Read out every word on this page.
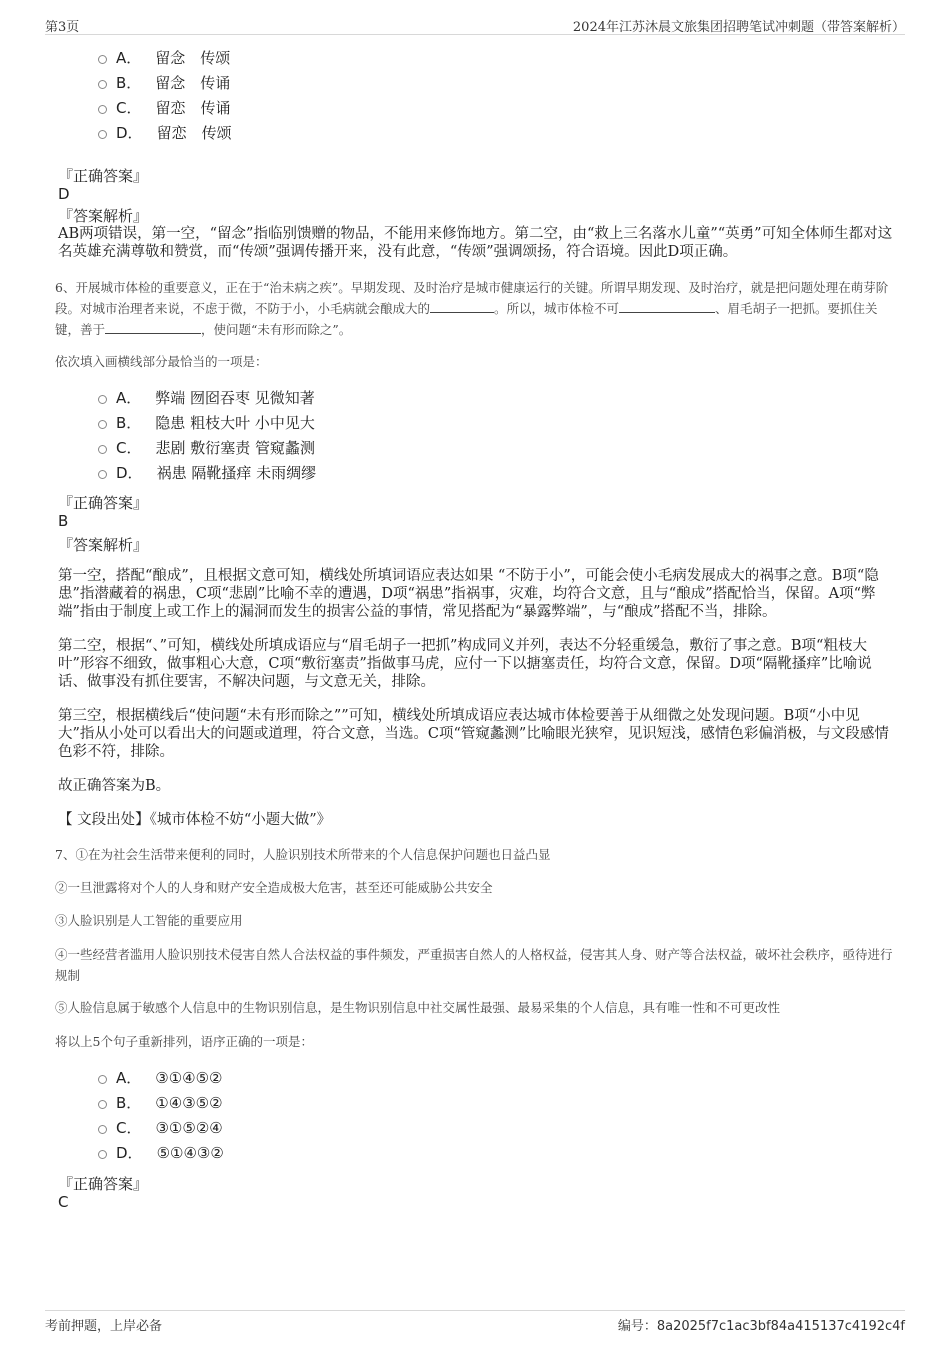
第3页	2024年江苏沐晨文旅集团招聘笔试冲刺题（带答案解析）
A． 留念　传颂
B． 留念　传诵
C． 留恋　传诵
D． 留恋　传颂
『正确答案』
D
『答案解析』
AB两项错误，第一空，“留念”指临别馈赠的物品，不能用来修饰地方。第二空，由“救上三名落水儿童”“英勇”可知全体师生都对这名英雄充满尊敬和赞赏，而“传颂”强调传播开来，没有此意，“传颂”强调颂扬，符合语境。因此D项正确。
6、开展城市体检的重要意义，正在于“治未病之疾”。早期发现、及时治疗是城市健康运行的关键。所谓早期发现、及时治疗，就是把问题处理在萌芽阶段。对城市治理者来说，不虑于微，不防于小，小毛病就会酿成大的	。所以，城市体检不可	、眉毛胡子一把抓。要抓住关键，善于	，使问题“未有形而除之”。
依次填入画横线部分最恰当的一项是：
A． 弊端 囫囵吞枣 见微知著
B． 隐患 粗枝大叶 小中见大
C． 悲剧 敷衍塞责 管窥蠡测
D． 祸患 隔靴搔痒 未雨绸缪
『正确答案』
B
『答案解析』
第一空，搭配“酿成”，且根据文意可知，横线处所填词语应表达如果 “不防于小”，可能会使小毛病发展成大的祸事之意。B项“隐患”指潜藏着的祸患，C项“悲剧”比喻不幸的遭遇，D项“祸患”指祸事，灾难，均符合文意，且与“酿成”搭配恰当，保留。A项“弊端”指由于制度上或工作上的漏洞而发生的损害公益的事情，常见搭配为“暴露弊端”，与“酿成”搭配不当，排除。
第二空，根据“、”可知，横线处所填成语应与“眉毛胡子一把抓”构成同义并列，表达不分轻重缓急，敷衍了事之意。B项“粗枝大叶”形容不细致，做事粗心大意，C项“敷衍塞责”指做事马虎，应付一下以搪塞责任，均符合文意，保留。D项“隔靴搔痒”比喻说话、做事没有抓住要害，不解决问题，与文意无关，排除。
第三空，根据横线后“使问题“未有形而除之””可知，横线处所填成语应表达城市体检要善于从细微之处发现问题。B项“小中见大”指从小处可以看出大的问题或道理，符合文意，当选。C项“管窥蠡测”比喻眼光狭窄，见识短浅，感情色彩偏消极，与文段感情色彩不符，排除。
故正确答案为B。
【 文段出处】《城市体检不妨“小题大做”》
7、①在为社会生活带来便利的同时，人脸识别技术所带来的个人信息保护问题也日益凸显
②一旦泄露将对个人的人身和财产安全造成极大危害，甚至还可能威胁公共安全
③人脸识别是人工智能的重要应用
④一些经营者滥用人脸识别技术侵害自然人合法权益的事件频发，严重损害自然人的人格权益，侵害其人身、财产等合法权益，破坏社会秩序，亟待进行规制
⑤人脸信息属于敏感个人信息中的生物识别信息，是生物识别信息中社交属性最强、最易采集的个人信息，具有唯一性和不可更改性
将以上5个句子重新排列，语序正确的一项是：
A． ③①④⑤②
B． ①④③⑤②
C． ③①⑤②④
D． ⑤①④③②
『正确答案』
C
考前押题，上岸必备	编号：8a2025f7c1ac3bf84a415137c4192c4f
